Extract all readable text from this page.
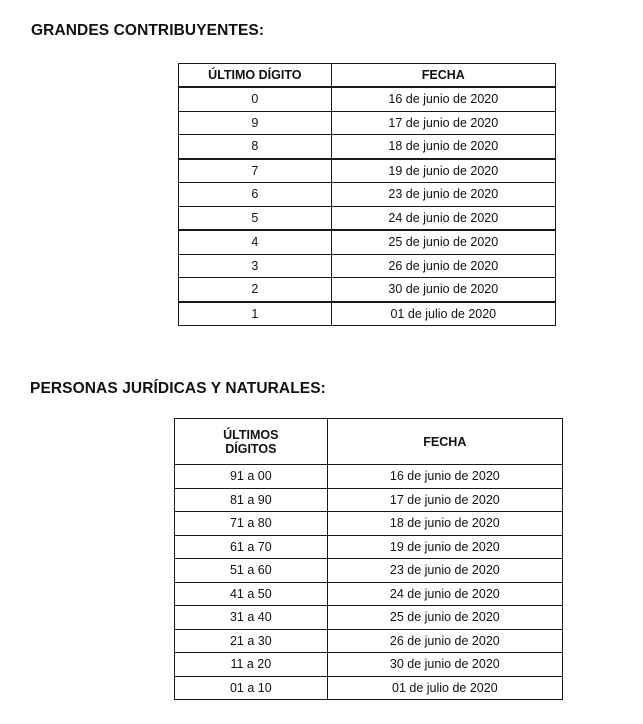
GRANDES CONTRIBUYENTES:
ÚLTIMO DÍGITO	FECHA
0	16 de junio de 2020
9	17 de junio de 2020
8	18 de junio de 2020
7	19 de junio de 2020
6	23 de junio de 2020
5	24 de junio de 2020
4	25 de junio de 2020
3	26 de junio de 2020
2	30 de junio de 2020
1	01 de julio de 2020
PERSONAS JURÍDICAS Y NATURALES:
ÚLTIMOS
DÍGITOS	FECHA
91 a 00	16 de junio de 2020
81 a 90	17 de junio de 2020
71 a 80	18 de junio de 2020
61 a 70	19 de junio de 2020
51 a 60	23 de junio de 2020
41 a 50	24 de junio de 2020
31 a 40	25 de junio de 2020
21 a 30	26 de junio de 2020
11 a 20	30 de junio de 2020
01 a 10	01 de julio de 2020
